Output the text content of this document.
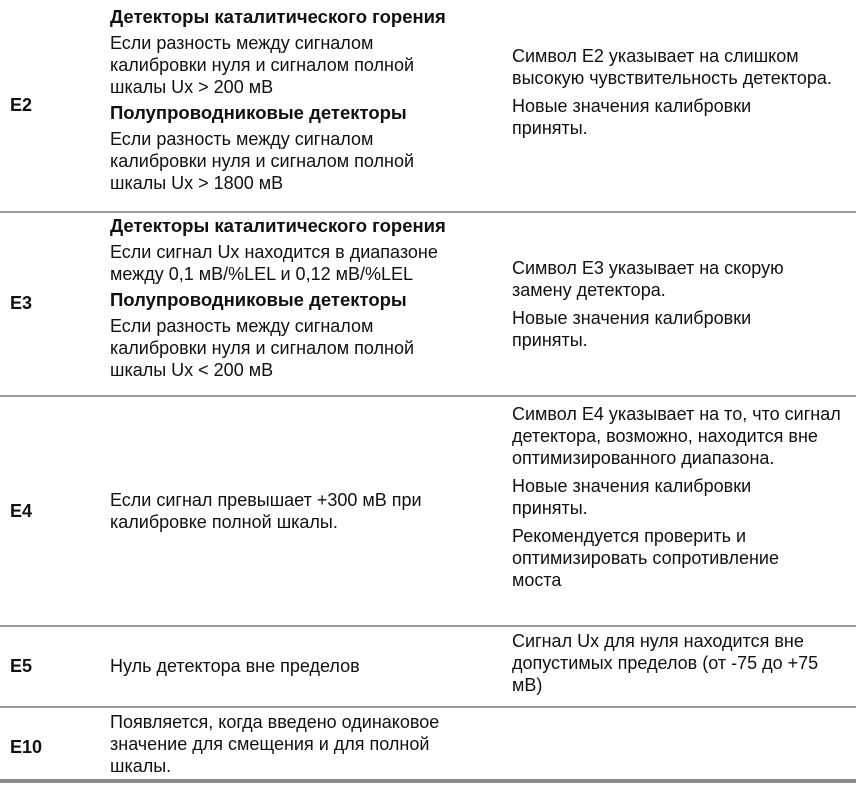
E2

Детекторы каталитического горения

Если разность между сигналом калибровки нуля и сигналом полной шкалы Ux > 200 мВ

Полупроводниковые детекторы

Если разность между сигналом калибровки нуля и сигналом полной шкалы Ux > 1800 мВ

Символ E2 указывает на слишком высокую чувствительность детектора.

Новые значения калибровки приняты.

E3

Детекторы каталитического горения

Если сигнал Ux находится в диапазоне между 0,1 мВ/%LEL и 0,12 мВ/%LEL

Полупроводниковые детекторы

Если разность между сигналом калибровки нуля и сигналом полной шкалы Ux < 200 мВ

Символ E3 указывает на скорую замену детектора.

Новые значения калибровки приняты.

E4

Если сигнал превышает +300 мВ при калибровке полной шкалы.

Символ E4 указывает на то, что сигнал детектора, возможно, находится вне оптимизированного диапазона.

Новые значения калибровки приняты.

Рекомендуется проверить и оптимизировать сопротивление моста

E5	Нуль детектора вне пределов

Сигнал Ux для нуля находится вне допустимых пределов (от -75 до +75 мВ)

E10

Появляется, когда введено одинаковое значение для смещения и для полной шкалы.
